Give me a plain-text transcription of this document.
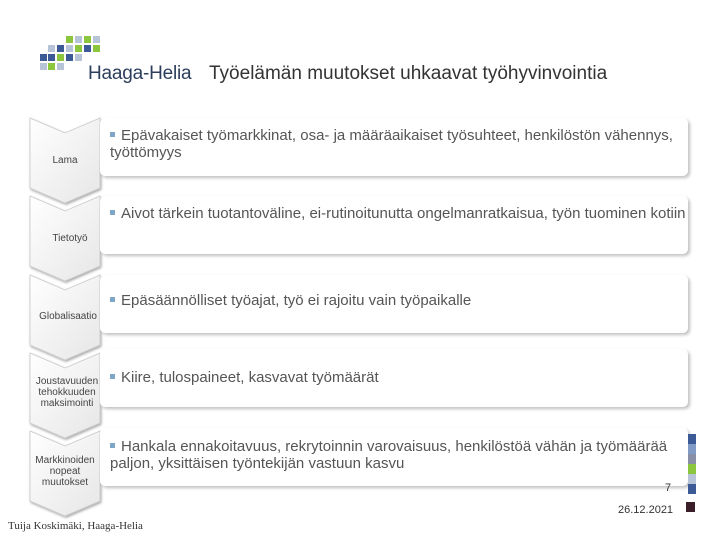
Haaga-Helia Työelämän muutokset uhkaavat työhyvinvointia
Lama
Tietotyö
Globalisaatio
Joustavuuden tehokkuuden maksimointi
Markkinoiden nopeat muutokset
Epävakaiset työmarkkinat, osa- ja määräaikaiset työsuhteet, henkilöstön vähennys, työttömyys
Aivot tärkein tuotantoväline, ei-rutinoitunutta ongelmanratkaisua, työn tuominen kotiin
Epäsäännölliset työajat, työ ei rajoitu vain työpaikalle
Kiire, tulospaineet, kasvavat työmäärät
Hankala ennakoitavuus, rekrytoinnin varovaisuus, henkilöstöä vähän ja työmäärää paljon, yksittäisen työntekijän vastuun kasvu
7
26.12.2021
Tuija Koskimäki, Haaga-Helia
